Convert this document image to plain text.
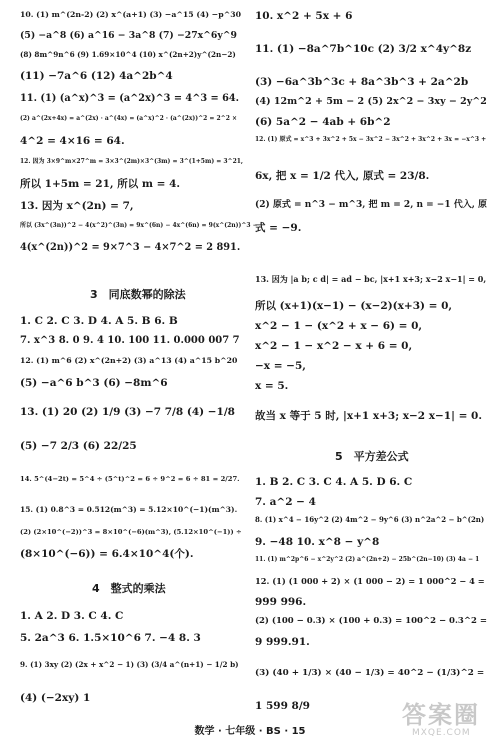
10. (1) m^(2n-2) (2) x^(a+1) (3) −a^15 (4) −p^30
(5) −a^8 (6) a^16 − 3a^8 (7) −27x^6y^9
(8) 8m^9n^6 (9) 1.69×10^4 (10) x^(2n+2)y^(2n−2)
(11) −7a^6 (12) 4a^2b^4
11. (1) (a^x)^3 = (a^2x)^3 = 4^3 = 64.
(2) a^(2x+4x) = a^(2x) · a^(4x) = (a^x)^2 · (a^(2x))^2 = 2^2 ×
4^2 = 4×16 = 64.
12. 因为 3×9^m×27^m = 3×3^(2m)×3^(3m) = 3^(1+5m) = 3^21,
所以 1+5m = 21, 所以 m = 4.
13. 因为 x^(2n) = 7,
所以 (3x^(3n))^2 − 4(x^2)^(3n) = 9x^(6n) − 4x^(6n) = 9(x^(2n))^3 −
4(x^(2n))^2 = 9×7^3 − 4×7^2 = 2 891.
3　同底数幂的除法
1. C 2. C 3. D 4. A 5. B 6. B
7. x^3 8. 0 9. 4 10. 100 11. 0.000 007 7
12. (1) m^6 (2) x^(2n+2) (3) a^13 (4) a^15 b^20
(5) −a^6 b^3 (6) −8m^6
13. (1) 20 (2) 1/9 (3) −7 7/8 (4) −1/8
(5) −7 2/3 (6) 22/25
14. 5^(4−2t) = 5^4 ÷ (5^t)^2 = 6 ÷ 9^2 = 6 ÷ 81 = 2/27.
15. (1) 0.8^3 = 0.512(m^3) = 5.12×10^(−1)(m^3).
(2) (2×10^(−2))^3 = 8×10^(−6)(m^3), (5.12×10^(−1)) ÷
(8×10^(−6)) = 6.4×10^4(个).
4　整式的乘法
1. A 2. D 3. C 4. C
5. 2a^3 6. 1.5×10^6 7. −4 8. 3
9. (1) 3xy (2) (2x + x^2 − 1) (3) (3/4 a^(n+1) − 1/2 b)
(4) (−2xy) 1
10. x^2 + 5x + 6
11. (1) −8a^7b^10c (2) 3/2 x^4y^8z
(3) −6a^3b^3c + 8a^3b^3 + 2a^2b
(4) 12m^2 + 5m − 2 (5) 2x^2 − 3xy − 2y^2
(6) 5a^2 − 4ab + 6b^2
12. (1) 原式 = x^3 + 3x^2 + 5x − 3x^2 − 3x^2 + 3x^2 + 3x = −x^3 +
6x, 把 x = 1/2 代入, 原式 = 23/8.
(2) 原式 = n^3 − m^3, 把 m = 2, n = −1 代入, 原
式 = −9.
13. 因为 |a b; c d| = ad − bc, |x+1 x+3; x−2 x−1| = 0,
所以 (x+1)(x−1) − (x−2)(x+3) = 0,
x^2 − 1 − (x^2 + x − 6) = 0,
x^2 − 1 − x^2 − x + 6 = 0,
−x = −5,
x = 5.
故当 x 等于 5 时, |x+1 x+3; x−2 x−1| = 0.
5　平方差公式
1. B 2. C 3. C 4. A 5. D 6. C
7. a^2 − 4
8. (1) x^4 − 16y^2 (2) 4m^2 − 9y^6 (3) n^2a^2 − b^(2n)
9. −48 10. x^8 − y^8
11. (1) m^2p^6 − x^2y^2 (2) a^(2n+2) − 25b^(2n−10) (3) 4a − 1
12. (1) (1 000 + 2) × (1 000 − 2) = 1 000^2 − 4 =
999 996.
(2) (100 − 0.3) × (100 + 0.3) = 100^2 − 0.3^2 =
9 999.91.
(3) (40 + 1/3) × (40 − 1/3) = 40^2 − (1/3)^2 =
1 599 8/9
数学 · 七年级 · BS · 15
答案圈
MXQE.COM
